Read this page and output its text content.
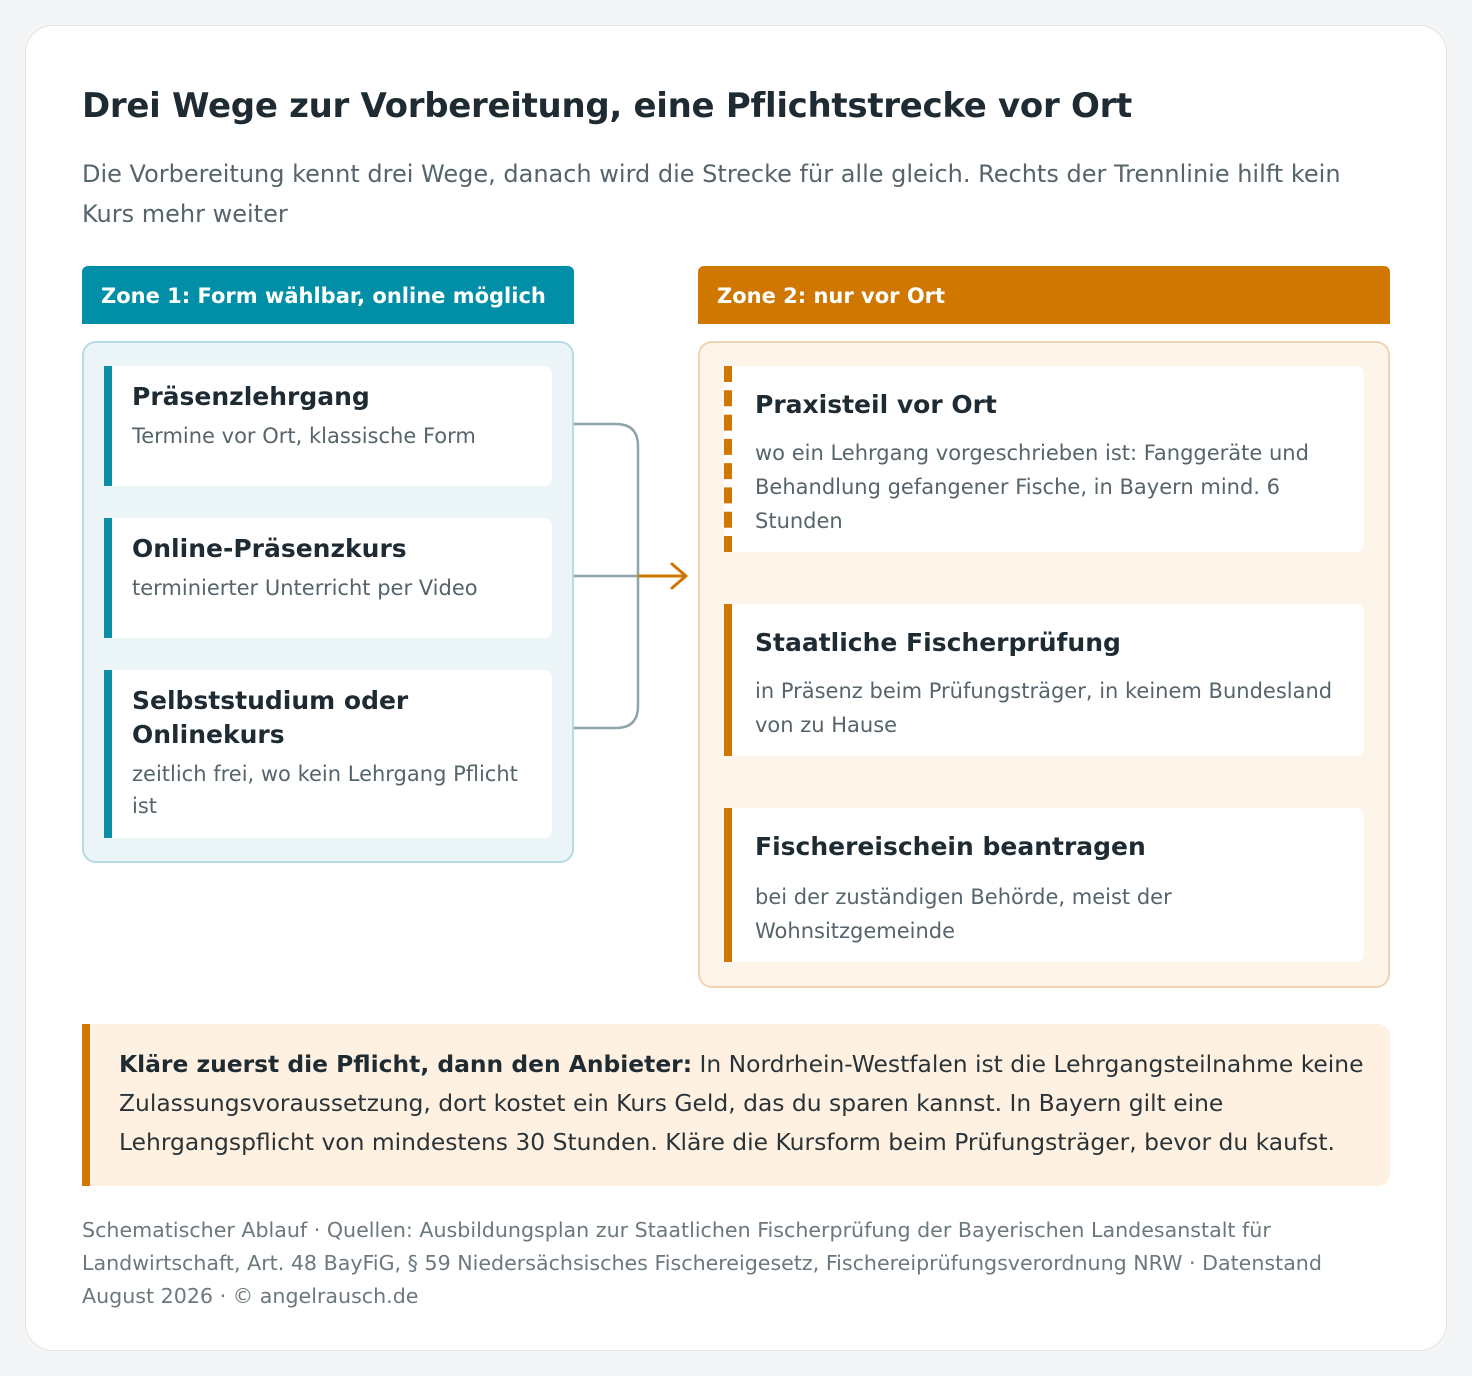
Drei Wege zur Vorbereitung, eine Pflichtstrecke vor Ort

Die Vorbereitung kennt drei Wege, danach wird die Strecke für alle gleich. Rechts der Trennlinie hilft kein Kurs mehr weiter

Zone 1: Form wählbar, online möglich
Präsenzlehrgang
Termine vor Ort, klassische Form
Online-Präsenzkurs
terminierter Unterricht per Video
Selbststudium oder Onlinekurs
zeitlich frei, wo kein Lehrgang Pflicht ist
Zone 2: nur vor Ort
Praxisteil vor Ort
wo ein Lehrgang vorgeschrieben ist: Fanggeräte und Behandlung gefangener Fische, in Bayern mind. 6 Stunden
Staatliche Fischerprüfung
in Präsenz beim Prüfungsträger, in keinem Bundesland von zu Hause
Fischereischein beantragen
bei der zuständigen Behörde, meist der Wohnsitzgemeinde

Kläre zuerst die Pflicht, dann den Anbieter: In Nordrhein-Westfalen ist die Lehrgangsteilnahme keine Zulassungsvoraussetzung, dort kostet ein Kurs Geld, das du sparen kannst. In Bayern gilt eine Lehrgangspflicht von mindestens 30 Stunden. Kläre die Kursform beim Prüfungsträger, bevor du kaufst.

Schematischer Ablauf · Quellen: Ausbildungsplan zur Staatlichen Fischerprüfung der Bayerischen Landesanstalt für Landwirtschaft, Art. 48 BayFiG, § 59 Niedersächsisches Fischereigesetz, Fischereiprüfungsverordnung NRW · Datenstand August 2026 · © angelrausch.de
